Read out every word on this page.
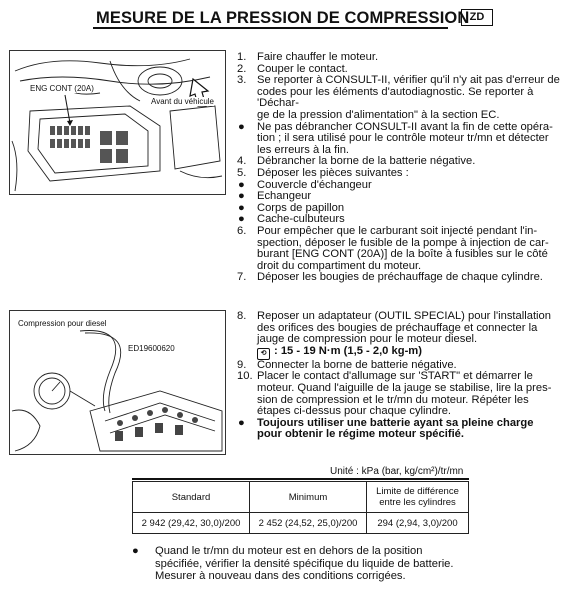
MESURE DE LA PRESSION DE COMPRESSION ZD
ENG CONT (20A)
Avant du véhicule
Compression pour diesel
ED19600620
1. Faire chauffer le moteur.
2. Couper le contact.
3. Se reporter à CONSULT-II, vérifier qu'il n'y ait pas d'erreur de
codes pour les éléments d'autodiagnostic. Se reporter à 'Déchar-
ge de la pression d'alimentation" à la section EC.
● Ne pas débrancher CONSULT-II avant la fin de cette opéra-
tion ; il sera utilisé pour le contrôle moteur tr/mn et détecter
les erreurs à la fin.
4. Débrancher la borne de la batterie négative.
5. Déposer les pièces suivantes :
● Couvercle d'échangeur
● Echangeur
● Corps de papillon
● Cache-culbuteurs
6. Pour empêcher que le carburant soit injecté pendant l'in-
spection, déposer le fusible de la pompe à injection de car-
burant [ENG CONT (20A)] de la boîte à fusibles sur le côté
droit du compartiment du moteur.
7. Déposer les bougies de préchauffage de chaque cylindre.
8. Reposer un adaptateur (OUTIL SPECIAL) pour l'installation
des orifices des bougies de préchauffage et connecter la
jauge de compression pour le moteur diesel.
⟲ : 15 - 19 N·m (1,5 - 2,0 kg-m)
9. Connecter la borne de batterie négative.
10. Placer le contact d'allumage sur 'START" et démarrer le
moteur. Quand l'aiguille de la jauge se stabilise, lire la pres-
sion de compression et le tr/mn du moteur. Répéter les
étapes ci-dessus pour chaque cylindre.
● Toujours utiliser une batterie ayant sa pleine charge
pour obtenir le régime moteur spécifié.
Unité : kPa (bar, kg/cm²)/tr/mn
Standard	Minimum	Limite de différence entre les cylindres
2 942 (29,42, 30,0)/200	2 452 (24,52, 25,0)/200	294 (2,94, 3,0)/200
●	Quand le tr/mn du moteur est en dehors de la position
spécifiée, vérifier la densité spécifique du liquide de batterie.
Mesurer à nouveau dans des conditions corrigées.
